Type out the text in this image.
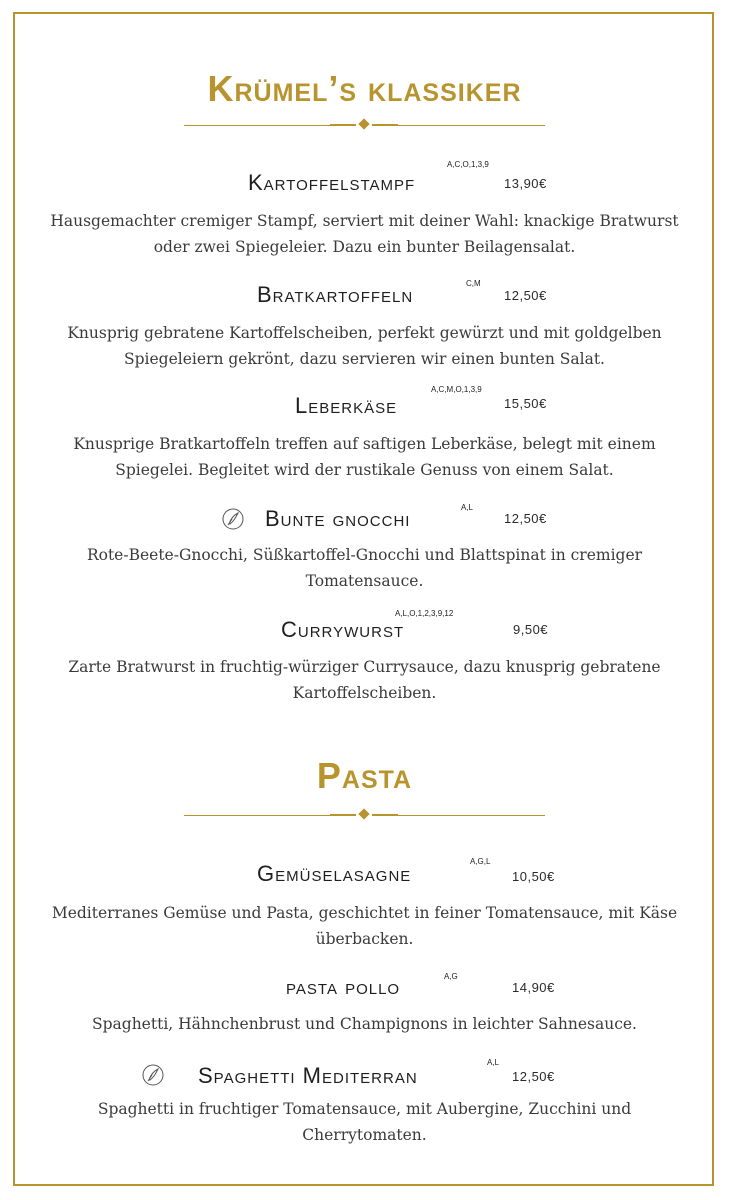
Krümel’s klassiker
Kartoffelstampf
A,C,O,1,3,9
13,90€

Hausgemachter cremiger Stampf, serviert mit deiner Wahl: knackige Bratwurst oder zwei Spiegeleier. Dazu ein bunter Beilagensalat.

Bratkartoffeln	C,M
12,50€

Knusprig gebratene Kartoffelscheiben, perfekt gewürzt und mit goldgelben Spiegeleiern gekrönt, dazu servieren wir einen bunten Salat.

Leberkäse
A,C,M,O,1,3,9
15,50€

Knusprige Bratkartoffeln treffen auf saftigen Leberkäse, belegt mit einem Spiegelei. Begleitet wird der rustikale Genuss von einem Salat.

Bunte gnocchi	A,L
12,50€

Rote-Beete-Gnocchi, Süßkartoffel-Gnocchi und Blattspinat in cremiger Tomatensauce.

Currywurst
A,L,O,1,2,3,9,12
9,50€

Zarte Bratwurst in fruchtig-würziger Currysauce, dazu knusprig gebratene Kartoffelscheiben.

Pasta
Gemüselasagne	A,G,L
10,50€

Mediterranes Gemüse und Pasta, geschichtet in feiner Tomatensauce, mit Käse überbacken.

pasta pollo	A,G
14,90€

Spaghetti, Hähnchenbrust und Champignons in leichter Sahnesauce.

Spaghetti Mediterran
A,L
12,50€

Spaghetti in fruchtiger Tomatensauce, mit Aubergine, Zucchini und Cherrytomaten.
